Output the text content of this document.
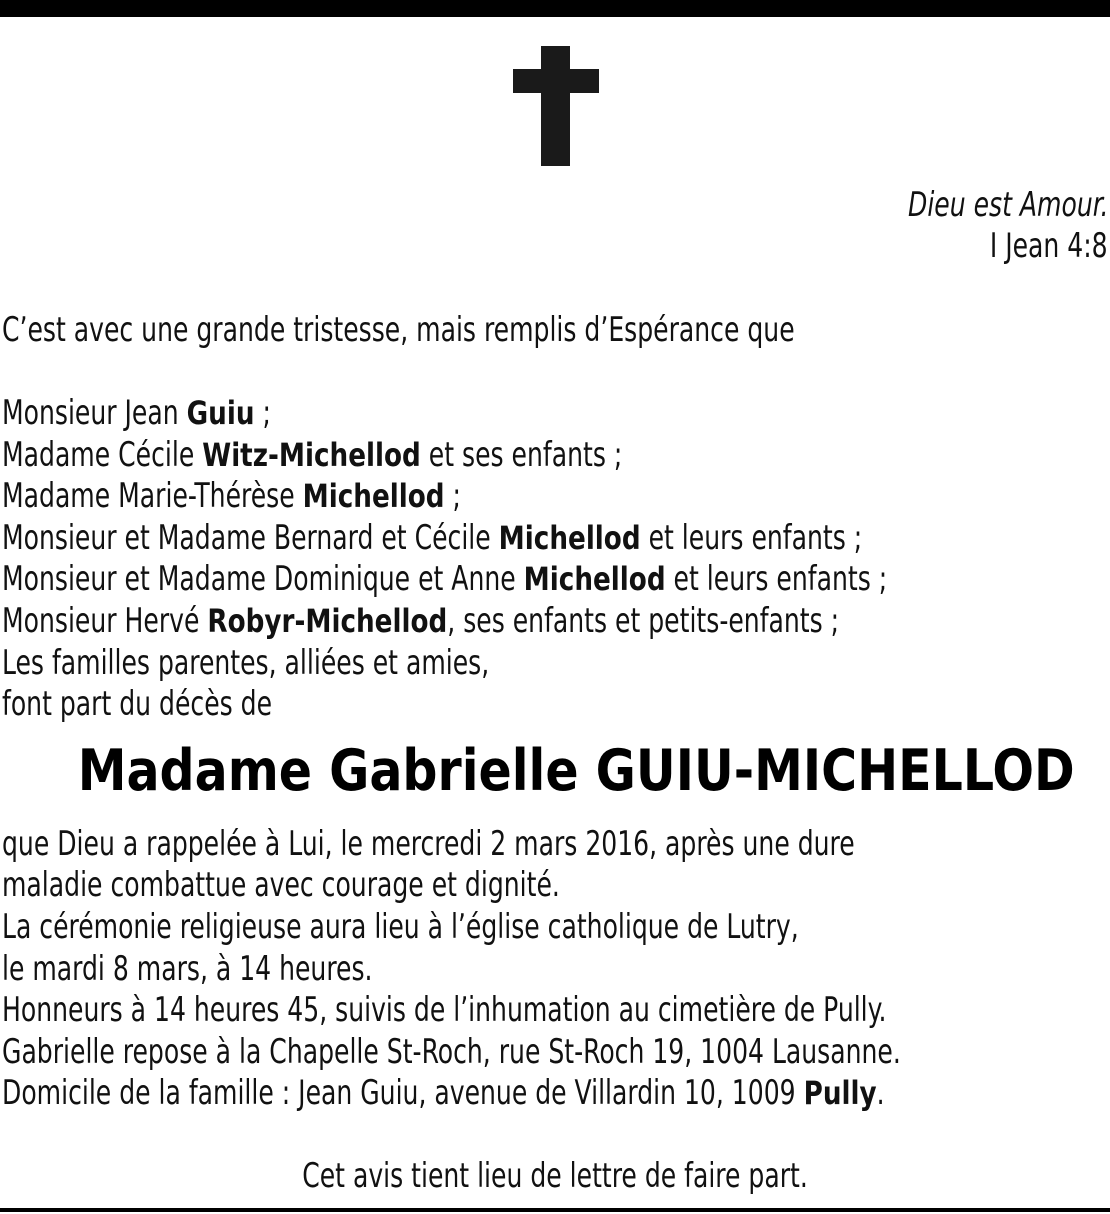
Dieu est Amour.
I Jean 4:8
C’est avec une grande tristesse, mais remplis d’Espérance que
Monsieur Jean Guiu ;
Madame Cécile Witz-Michellod et ses enfants ;
Madame Marie-Thérèse Michellod ;
Monsieur et Madame Bernard et Cécile Michellod et leurs enfants ;
Monsieur et Madame Dominique et Anne Michellod et leurs enfants ;
Monsieur Hervé Robyr-Michellod, ses enfants et petits-enfants ;
Les familles parentes, alliées et amies,
font part du décès de
Madame Gabrielle GUIU-MICHELLOD
que Dieu a rappelée à Lui, le mercredi 2 mars 2016, après une dure
maladie combattue avec courage et dignité.
La cérémonie religieuse aura lieu à l’église catholique de Lutry,
le mardi 8 mars, à 14 heures.
Honneurs à 14 heures 45, suivis de l’inhumation au cimetière de Pully.
Gabrielle repose à la Chapelle St-Roch, rue St-Roch 19, 1004 Lausanne.
Domicile de la famille : Jean Guiu, avenue de Villardin 10, 1009 Pully.
Cet avis tient lieu de lettre de faire part.
